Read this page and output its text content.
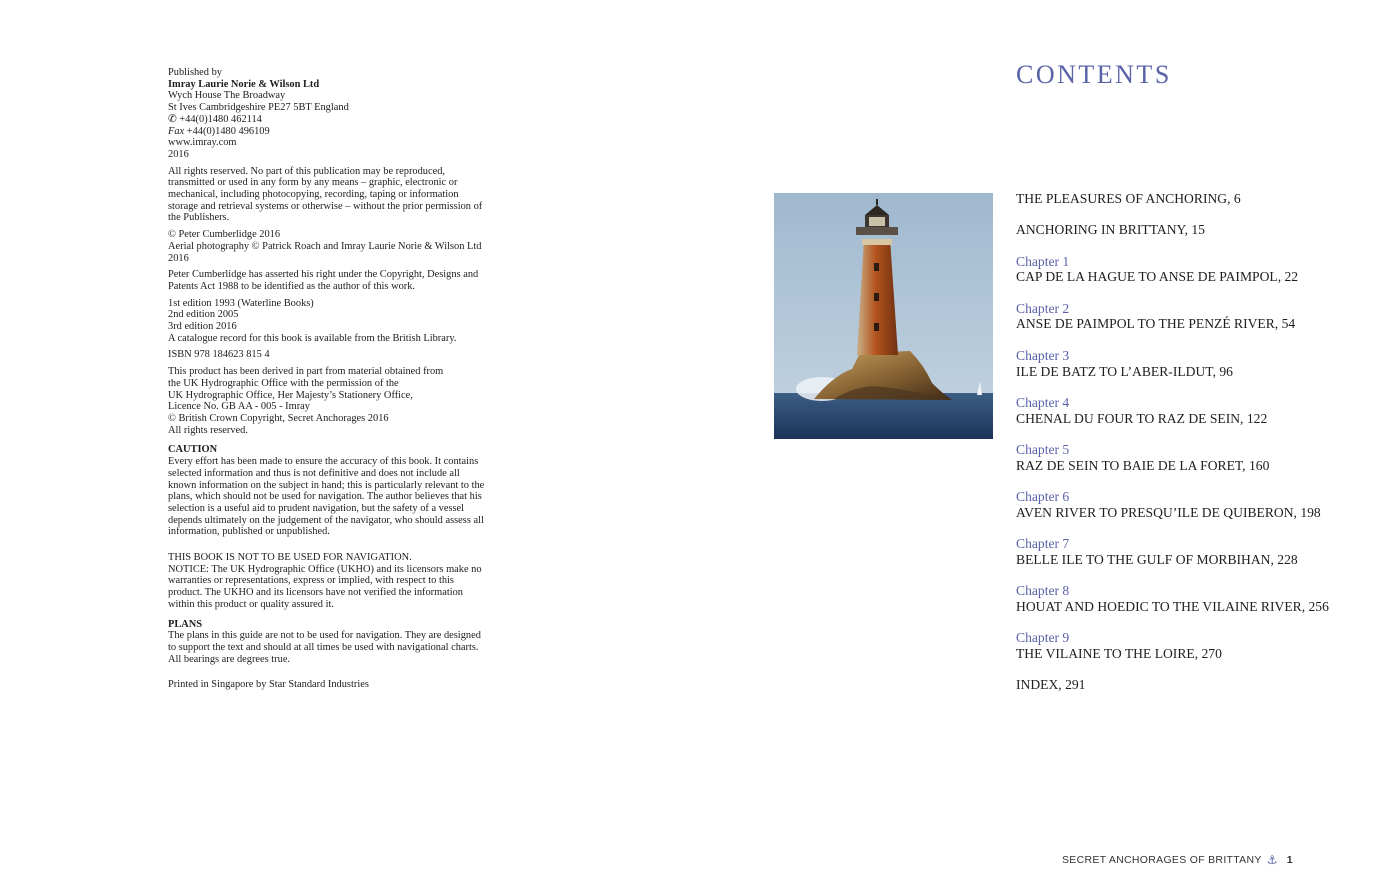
Published by
Imray Laurie Norie & Wilson Ltd
Wych House The Broadway
St Ives Cambridgeshire PE27 5BT England
✆ +44(0)1480 462114
Fax +44(0)1480 496109
www.imray.com
2016
All rights reserved. No part of this publication may be reproduced, transmitted or used in any form by any means – graphic, electronic or mechanical, including photocopying, recording, taping or information storage and retrieval systems or otherwise – without the prior permission of the Publishers.
© Peter Cumberlidge 2016
Aerial photography © Patrick Roach and Imray Laurie Norie & Wilson Ltd 2016
Peter Cumberlidge has asserted his right under the Copyright, Designs and Patents Act 1988 to be identified as the author of this work.
1st edition 1993 (Waterline Books)
2nd edition 2005
3rd edition 2016
A catalogue record for this book is available from the British Library.
ISBN 978 184623 815 4
This product has been derived in part from material obtained from
the UK Hydrographic Office with the permission of the
UK Hydrographic Office, Her Majesty’s Stationery Office,
Licence No. GB AA - 005 - Imray
© British Crown Copyright, Secret Anchorages 2016
All rights reserved.
CAUTION
Every effort has been made to ensure the accuracy of this book. It contains selected information and thus is not definitive and does not include all known information on the subject in hand; this is particularly relevant to the plans, which should not be used for navigation. The author believes that his selection is a useful aid to prudent navigation, but the safety of a vessel depends ultimately on the judgement of the navigator, who should assess all information, published or unpublished.
THIS BOOK IS NOT TO BE USED FOR NAVIGATION.
NOTICE: The UK Hydrographic Office (UKHO) and its licensors make no warranties or representations, express or implied, with respect to this product. The UKHO and its licensors have not verified the information within this product or quality assured it.
PLANS
The plans in this guide are not to be used for navigation. They are designed to support the text and should at all times be used with navigational charts. All bearings are degrees true.
Printed in Singapore by Star Standard Industries
CONTENTS
THE PLEASURES OF ANCHORING, 6
ANCHORING IN BRITTANY, 15
Chapter 1
CAP DE LA HAGUE TO ANSE DE PAIMPOL, 22
Chapter 2
ANSE DE PAIMPOL TO THE PENZÉ RIVER, 54
Chapter 3
ILE DE BATZ TO L’ABER-ILDUT, 96
Chapter 4
CHENAL DU FOUR TO RAZ DE SEIN, 122
Chapter 5
RAZ DE SEIN TO BAIE DE LA FORET, 160
Chapter 6
AVEN RIVER TO PRESQU’ILE DE QUIBERON, 198
Chapter 7
BELLE ILE TO THE GULF OF MORBIHAN, 228
Chapter 8
HOUAT AND HOEDIC TO THE VILAINE RIVER, 256
Chapter 9
THE VILAINE TO THE LOIRE, 270
INDEX, 291
SECRET ANCHORAGES OF BRITTANY ⚓ 1
